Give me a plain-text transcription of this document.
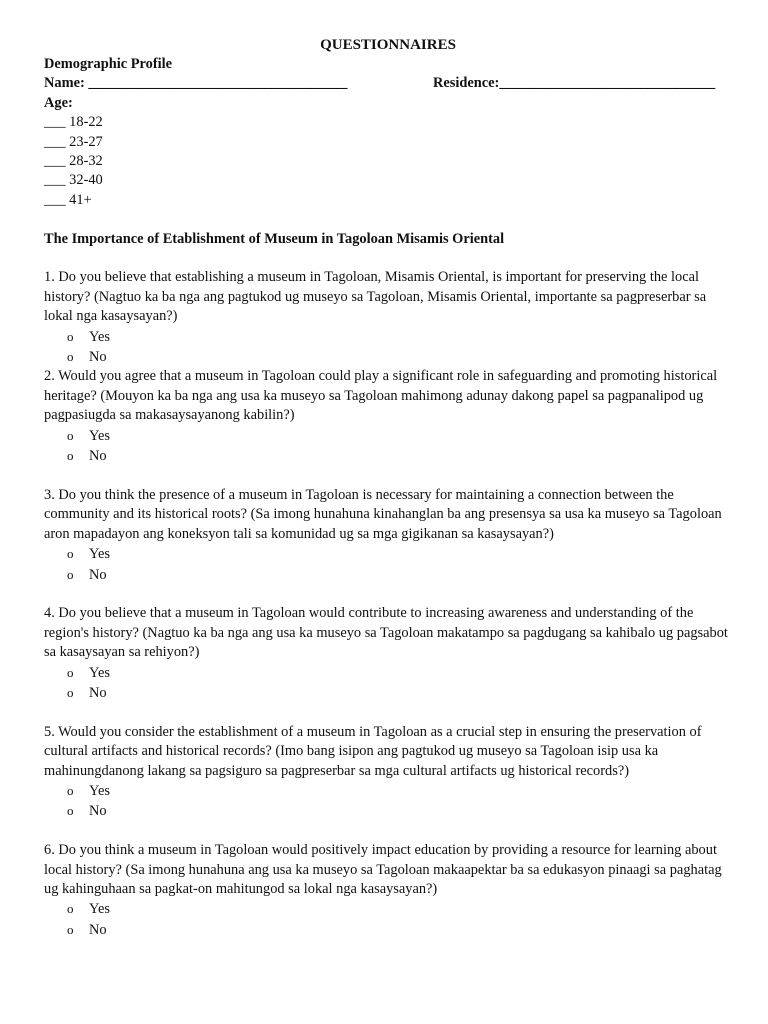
QUESTIONNAIRES
Demographic Profile
Name: ____________________________________	Residence:______________________________
Age:
___ 18-22
___ 23-27
___ 28-32
___ 32-40
___ 41+
The Importance of Etablishment of Museum in Tagoloan Misamis Oriental
1. Do you believe that establishing a museum in Tagoloan, Misamis Oriental, is important for preserving the local history? (Nagtuo ka ba nga ang pagtukod ug museyo sa Tagoloan, Misamis Oriental, importante sa pagpreserbar sa lokal nga kasaysayan?)
o Yes
o No
2. Would you agree that a museum in Tagoloan could play a significant role in safeguarding and promoting historical heritage? (Mouyon ka ba nga ang usa ka museyo sa Tagoloan mahimong adunay dakong papel sa pagpanalipod ug pagpasiugda sa makasaysayanong kabilin?)
o Yes
o No
3. Do you think the presence of a museum in Tagoloan is necessary for maintaining a connection between the community and its historical roots? (Sa imong hunahuna kinahanglan ba ang presensya sa usa ka museyo sa Tagoloan aron mapadayon ang koneksyon tali sa komunidad ug sa mga gigikanan sa kasaysayan?)
o Yes
o No
4. Do you believe that a museum in Tagoloan would contribute to increasing awareness and understanding of the region's history? (Nagtuo ka ba nga ang usa ka museyo sa Tagoloan makatampo sa pagdugang sa kahibalo ug pagsabot sa kasaysayan sa rehiyon?)
o Yes
o No
5. Would you consider the establishment of a museum in Tagoloan as a crucial step in ensuring the preservation of cultural artifacts and historical records? (Imo bang isipon ang pagtukod ug museyo sa Tagoloan isip usa ka mahinungdanong lakang sa pagsiguro sa pagpreserbar sa mga cultural artifacts ug historical records?)
o Yes
o No
6. Do you think a museum in Tagoloan would positively impact education by providing a resource for learning about local history? (Sa imong hunahuna ang usa ka museyo sa Tagoloan makaapektar ba sa edukasyon pinaagi sa paghatag ug kahinguhaan sa pagkat-on mahitungod sa lokal nga kasaysayan?)
o Yes
o No
